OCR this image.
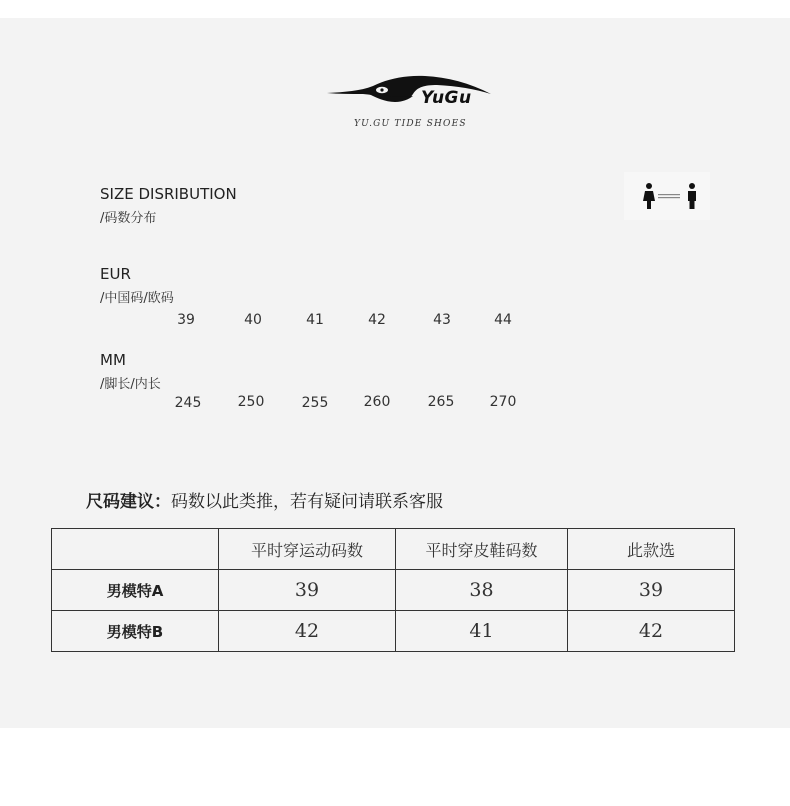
YuGu
YU.GU TIDE SHOES
SIZE DISRIBUTION
/码数分布
EUR
/中国码/欧码
39	40	41	42	43	44
MM
/脚长/内长
245	250	255	260	265	270
尺码建议：码数以此类推，若有疑问请联系客服
	平时穿运动码数	平时穿皮鞋码数	此款选
男模特A	39	38	39
男模特B	42	41	42
